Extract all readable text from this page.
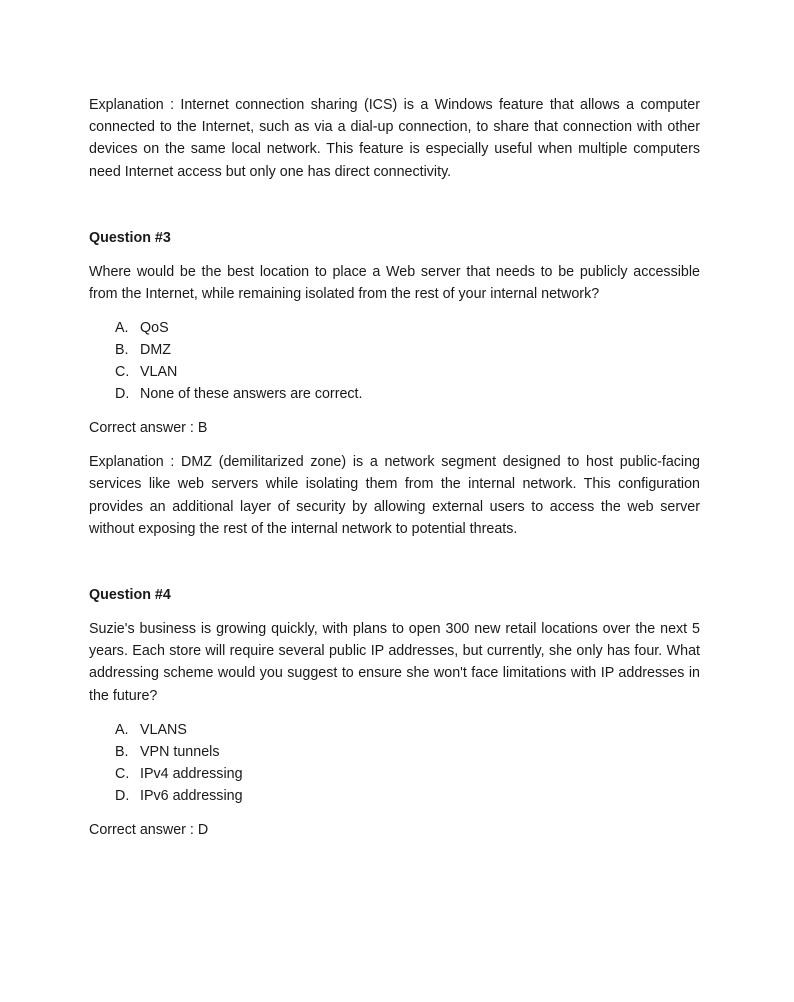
Explanation : Internet connection sharing (ICS) is a Windows feature that allows a computer connected to the Internet, such as via a dial-up connection, to share that connection with other devices on the same local network. This feature is especially useful when multiple computers need Internet access but only one has direct connectivity.

Question #3

Where would be the best location to place a Web server that needs to be publicly accessible from the Internet, while remaining isolated from the rest of your internal network?

A. QoS
B. DMZ
C. VLAN
D. None of these answers are correct.

Correct answer : B

Explanation : DMZ (demilitarized zone) is a network segment designed to host public-facing services like web servers while isolating them from the internal network. This configuration provides an additional layer of security by allowing external users to access the web server without exposing the rest of the internal network to potential threats.

Question #4

Suzie's business is growing quickly, with plans to open 300 new retail locations over the next 5 years. Each store will require several public IP addresses, but currently, she only has four. What addressing scheme would you suggest to ensure she won't face limitations with IP addresses in the future?

A. VLANS
B. VPN tunnels
C. IPv4 addressing
D. IPv6 addressing

Correct answer : D
